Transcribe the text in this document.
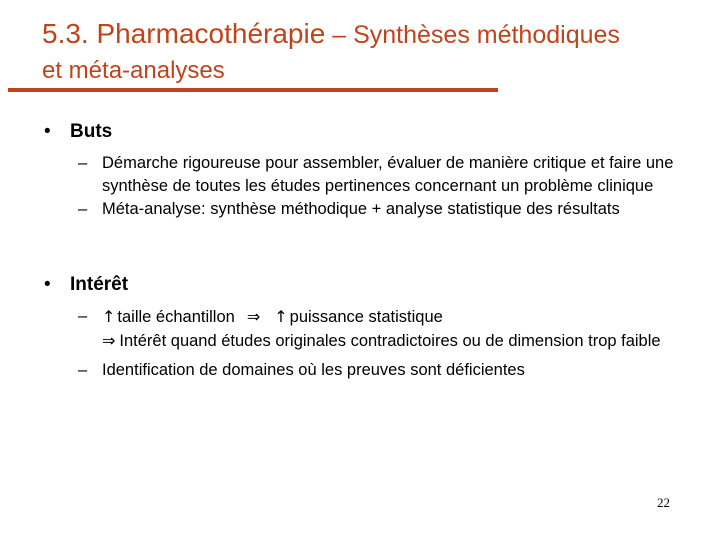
5.3. Pharmacothérapie – Synthèses méthodiques
et méta-analyses
• Buts
– Démarche rigoureuse pour assembler, évaluer de manière critique et faire une synthèse de toutes les études pertinences concernant un problème clinique
– Méta-analyse: synthèse méthodique + analyse statistique des résultats
• Intérêt
– ↑ taille échantillon ⇒ ↑ puissance statistique
⇒ Intérêt quand études originales contradictoires ou de dimension trop faible
– Identification de domaines où les preuves sont déficientes
22
